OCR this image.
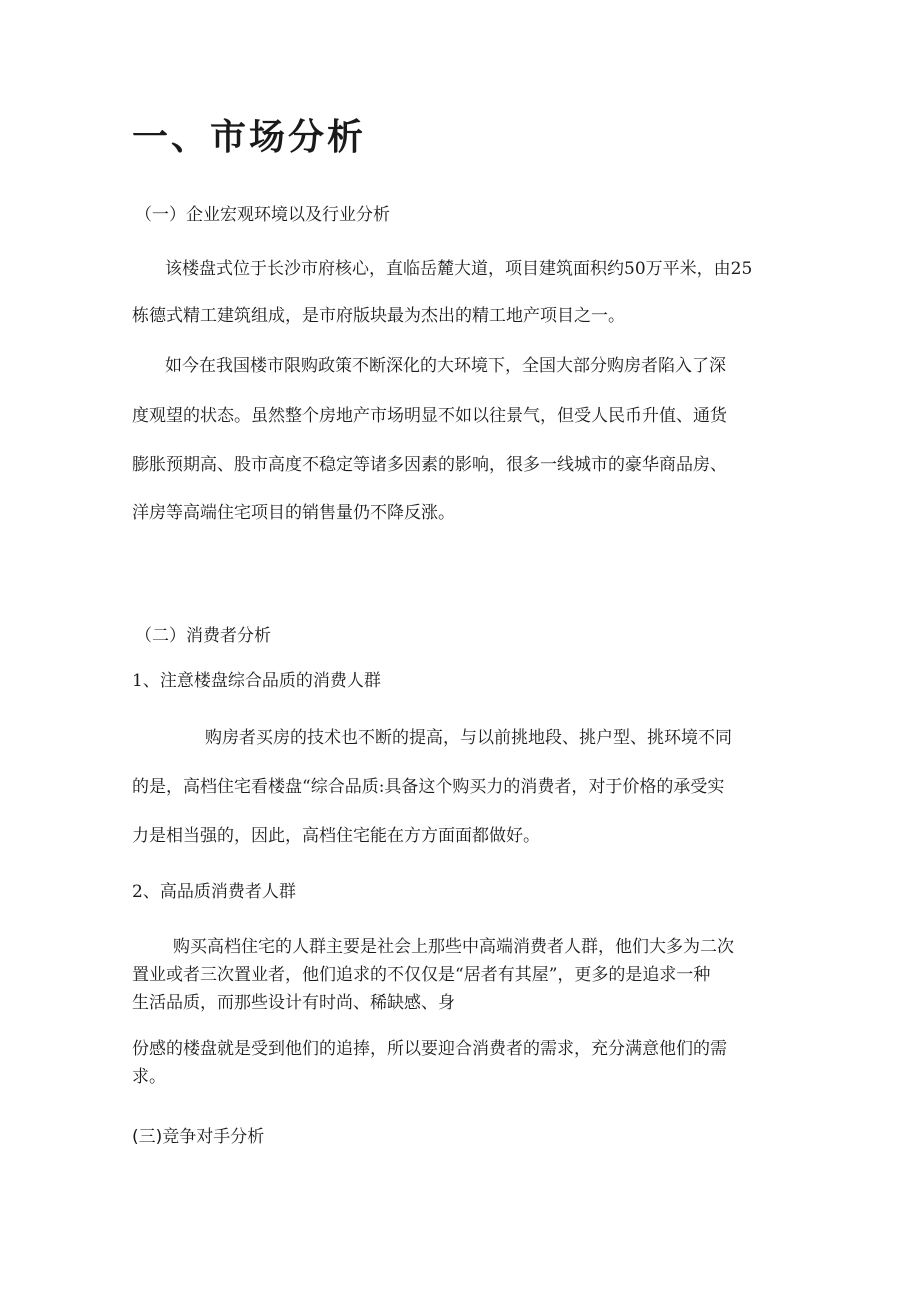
一、市场分析
（一）企业宏观环境以及行业分析
该楼盘式位于长沙市府核心，直临岳麓大道，项目建筑面积约50万平米，由25
栋德式精工建筑组成，是市府版块最为杰出的精工地产项目之一。
如今在我国楼市限购政策不断深化的大环境下，全国大部分购房者陷入了深
度观望的状态。虽然整个房地产市场明显不如以往景气，但受人民币升值、通货
膨胀预期高、股市高度不稳定等诸多因素的影响，很多一线城市的豪华商品房、
洋房等高端住宅项目的销售量仍不降反涨。
（二）消费者分析
1、注意楼盘综合品质的消费人群
购房者买房的技术也不断的提高，与以前挑地段、挑户型、挑环境不同
的是，高档住宅看楼盘“综合品质:具备这个购买力的消费者，对于价格的承受实
力是相当强的，因此，高档住宅能在方方面面都做好。
2、高品质消费者人群
购买高档住宅的人群主要是社会上那些中高端消费者人群，他们大多为二次
置业或者三次置业者，他们追求的不仅仅是“居者有其屋”，更多的是追求一种
生活品质，而那些设计有时尚、稀缺感、身
份感的楼盘就是受到他们的追捧，所以要迎合消费者的需求，充分满意他们的需
求。
(三)竞争对手分析
